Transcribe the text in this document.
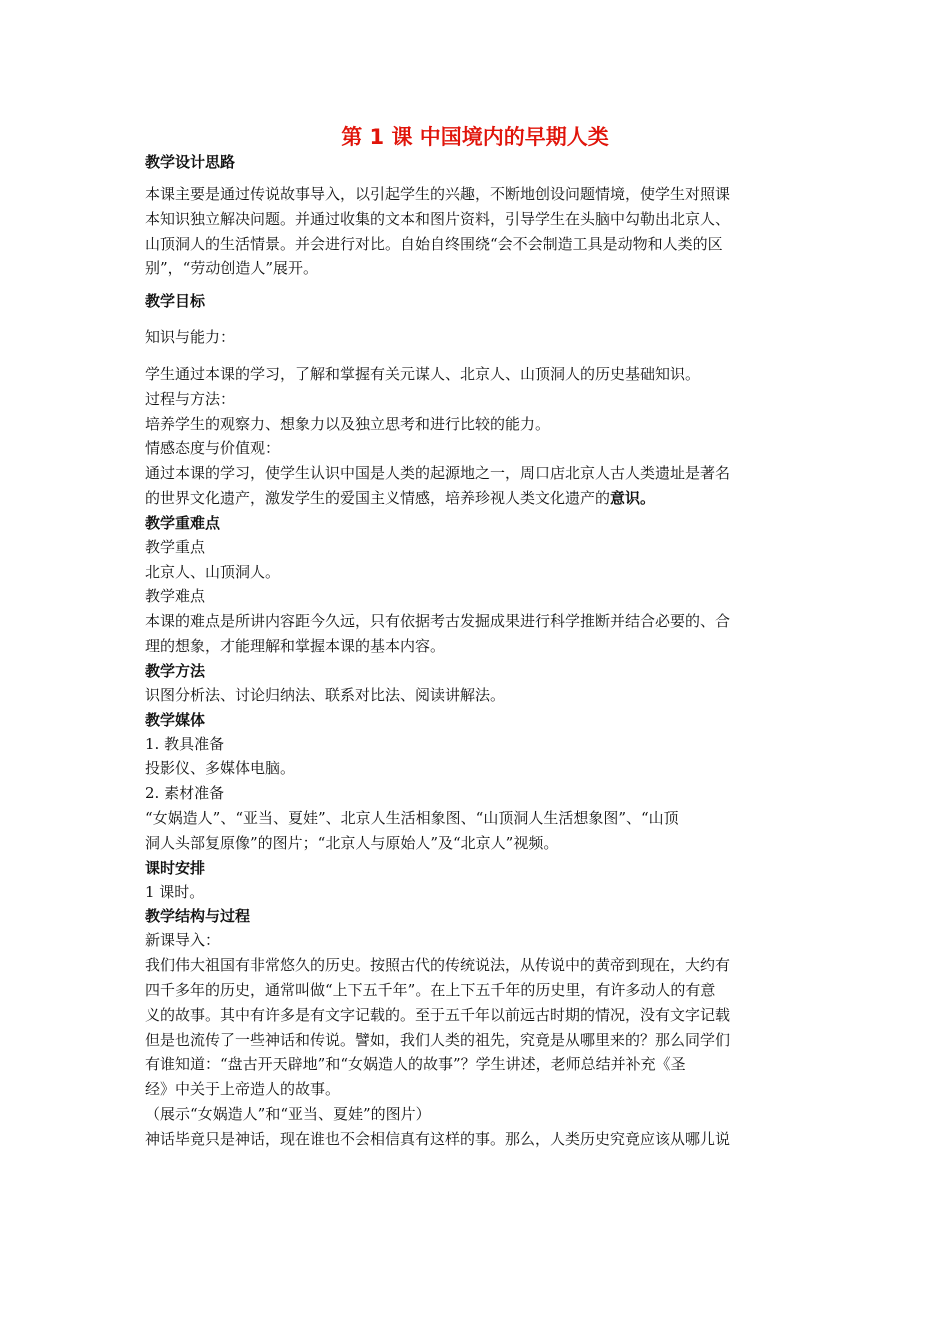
第 1 课 中国境内的早期人类
教学设计思路
本课主要是通过传说故事导入，以引起学生的兴趣，不断地创设问题情境，使学生对照课
本知识独立解决问题。并通过收集的文本和图片资料，引导学生在头脑中勾勒出北京人、
山顶洞人的生活情景。并会进行对比。自始自终围绕“会不会制造工具是动物和人类的区
别”，“劳动创造人”展开。
教学目标
知识与能力：
学生通过本课的学习，了解和掌握有关元谋人、北京人、山顶洞人的历史基础知识。
过程与方法：
培养学生的观察力、想象力以及独立思考和进行比较的能力。
情感态度与价值观：
通过本课的学习，使学生认识中国是人类的起源地之一，周口店北京人古人类遗址是著名
的世界文化遗产，激发学生的爱国主义情感，培养珍视人类文化遗产的意识。
教学重难点
教学重点
北京人、山顶洞人。
教学难点
本课的难点是所讲内容距今久远，只有依据考古发掘成果进行科学推断并结合必要的、合
理的想象，才能理解和掌握本课的基本内容。
教学方法
识图分析法、讨论归纳法、联系对比法、阅读讲解法。
教学媒体
1. 教具准备
投影仪、多媒体电脑。
2. 素材准备
“女娲造人”、“亚当、夏娃”、北京人生活相象图、“山顶洞人生活想象图”、“山顶
洞人头部复原像”的图片；“北京人与原始人”及“北京人”视频。
课时安排
1 课时。
教学结构与过程
新课导入：
我们伟大祖国有非常悠久的历史。按照古代的传统说法，从传说中的黄帝到现在，大约有
四千多年的历史，通常叫做“上下五千年”。在上下五千年的历史里，有许多动人的有意
义的故事。其中有许多是有文字记载的。至于五千年以前远古时期的情况，没有文字记载
但是也流传了一些神话和传说。譬如，我们人类的祖先，究竟是从哪里来的？那么同学们
有谁知道：“盘古开天辟地”和“女娲造人的故事”？学生讲述，老师总结并补充《圣
经》中关于上帝造人的故事。
（展示“女娲造人”和“亚当、夏娃”的图片）
神话毕竟只是神话，现在谁也不会相信真有这样的事。那么，人类历史究竟应该从哪儿说
